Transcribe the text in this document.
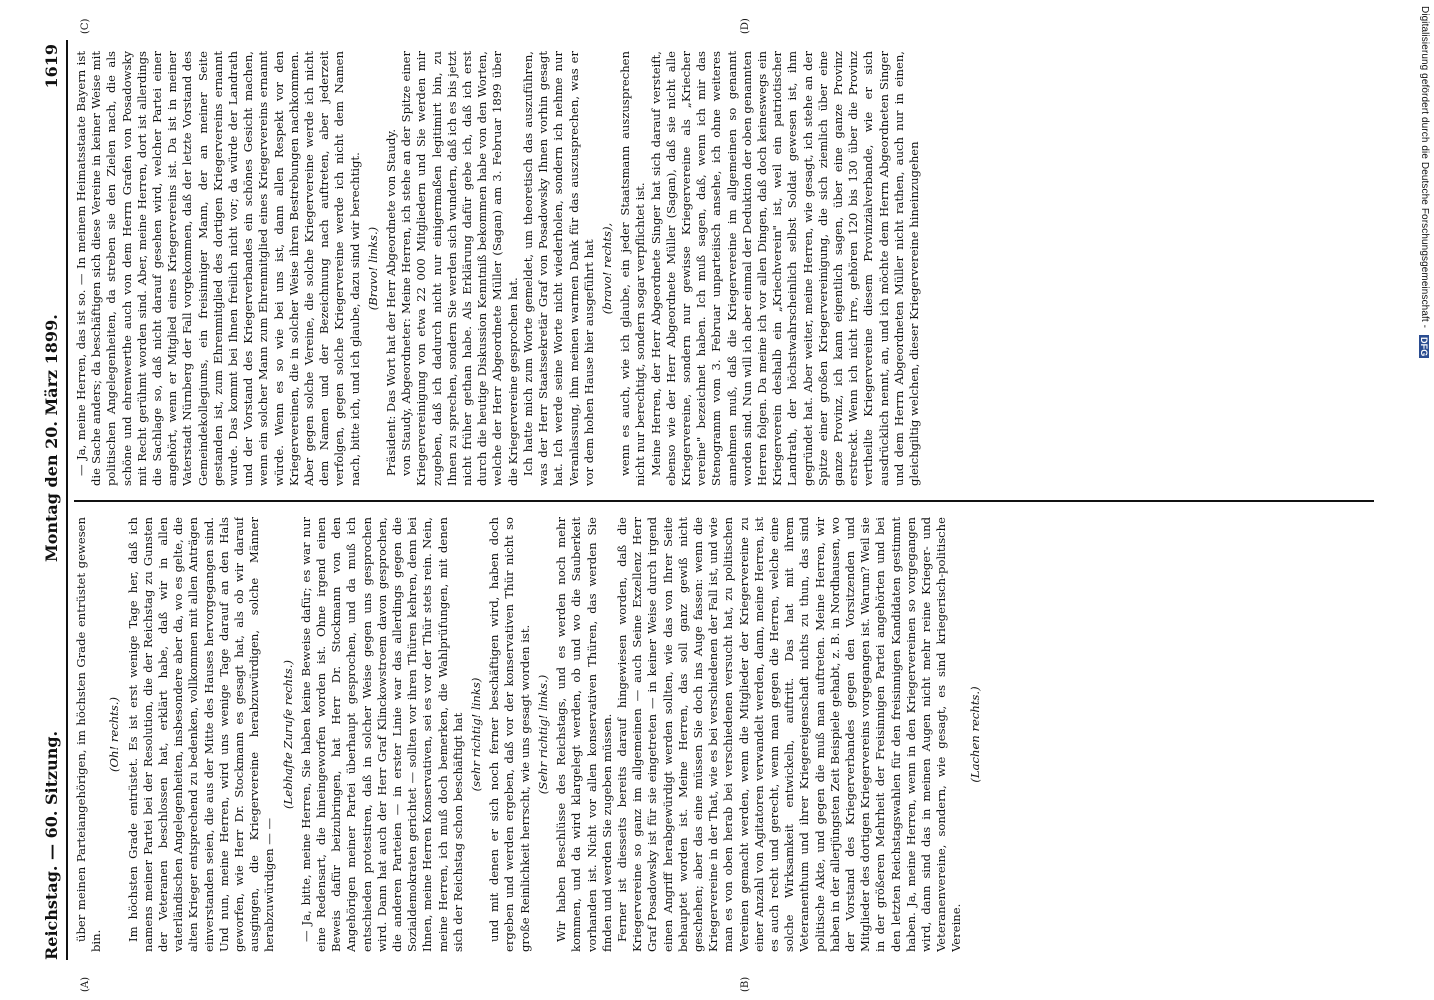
Reichstag. — 60. Sitzung.
Montag den 20. März 1899.
1619
(A)	(B)
(C)	(D)

über meinen Parteiangehörigen, im höchsten Grade entrüstet gewesen bin.

(Oh! rechts.) Im höchsten Grade entrüstet. Es ist erst wenige Tage her, daß ich namens meiner Partei bei der Resolution, die der Reichstag zu Gunsten der Veteranen beschlossen hat, erklärt habe, daß wir in allen vaterländischen Angelegenheiten, insbesondere aber da, wo es gelte, die alten Krieger entsprechend zu bedenken, vollkommen mit allen Anträgen einverstanden seien, die aus der Mitte des Hauses hervorgegangen sind. Und nun, meine Herren, wird uns wenige Tage darauf an den Hals geworfen, wie Herr Dr. Stockmann es gesagt hat, als ob wir darauf ausgingen, die Kriegervereine herabzuwürdigen, solche Männer herabzuwürdigen — —

(Lebhafte Zurufe rechts.) — Ja, bitte, meine Herren, Sie haben keine Beweise dafür; es war nur eine Redensart, die hineingeworfen worden ist. Ohne irgend einen Beweis dafür beizubringen, hat Herr Dr. Stockmann von den Angehörigen meiner Partei überhaupt gesprochen, und da muß ich entschieden protestiren, daß in solcher Weise gegen uns gesprochen wird. Dann hat auch der Herr Graf Klinckowstroem davon gesprochen, die anderen Parteien — in erster Linie war das allerdings gegen die Sozialdemokraten gerichtet — sollten vor ihren Thüren kehren, denn bei Ihnen, meine Herren Konservativen, sei es vor der Thür stets rein. Nein, meine Herren, ich muß doch bemerken, die Wahlprüfungen, mit denen sich der Reichstag schon beschäftigt hat (sehr richtig! links) und mit denen er sich noch ferner beschäftigen wird, haben doch ergeben und werden ergeben, daß vor der konservativen Thür nicht so große Reinlichkeit herrscht, wie uns gesagt worden ist. (Sehr richtig! links.) Wir haben Beschlüsse des Reichstags, und es werden noch mehr kommen, und da wird klargelegt werden, ob und wo die Sauberkeit vorhanden ist. Nicht vor allen konservativen Thüren, das werden Sie finden und werden Sie zugeben müssen. Ferner ist diesseits bereits darauf hingewiesen worden, daß die Kriegervereine so ganz im allgemeinen — auch Seine Exzellenz Herr Graf Posadowsky ist für sie eingetreten — in keiner Weise durch irgend einen Angriff herabgewürdigt werden sollten, wie das von Ihrer Seite behauptet worden ist. Meine Herren, das soll ganz gewiß nicht geschehen; aber das eine müssen Sie doch ins Auge fassen: wenn die Kriegervereine in der That, wie es bei verschiedenen der Fall ist, und wie man es von oben herab bei verschiedenen versucht hat, zu politischen Vereinen gemacht werden, wenn die Mitglieder der Kriegervereine zu einer Anzahl von Agitatoren verwandelt werden, dann, meine Herren, ist es auch recht und gerecht, wenn man gegen die Herren, welche eine solche Wirksamkeit entwickeln, auftritt. Das hat mit ihrem Veteranenthum und ihrer Kriegereigenschaft nichts zu thun, das sind politische Akte, und gegen die muß man auftreten. Meine Herren, wir haben in der allerjüngsten Zeit Beispiele gehabt, z. B. in Nordhausen, wo der Vorstand des Kriegerverbandes gegen den Vorsitzenden und Mitglieder des dortigen Kriegervereins vorgegangen ist. Warum? Weil sie in der größeren Mehrheit der Freisinnigen Partei angehörten und bei den letzten Reichstagswahlen für den freisinnigen Kandidaten gestimmt haben. Ja, meine Herren, wenn in den Kriegervereinen so vorgegangen wird, dann sind das in meinen Augen nicht mehr reine Krieger- und Veteranenvereine, sondern, wie gesagt, es sind kriegerisch-politische Vereine.

(Lachen rechts.)

— Ja, meine Herren, das ist so. — In meinem Heimatsstaate Bayern ist die Sache anders; da beschäftigen sich diese Vereine in keiner Weise mit politischen Angelegenheiten, da streben sie den Zielen nach, die als schöne und ehrenwerthe auch von dem Herrn Grafen von Posadowsky mit Recht gerühmt worden sind. Aber, meine Herren, dort ist allerdings die Sachlage so, daß nicht darauf gesehen wird, welcher Partei einer angehört, wenn er Mitglied eines Kriegervereins ist. Da ist in meiner Vaterstadt Nürnberg der Fall vorgekommen, daß der letzte Vorstand des Gemeindekollegiums, ein freisinniger Mann, der an meiner Seite gestanden ist, zum Ehrenmitglied des dortigen Kriegervereins ernannt wurde. Das kommt bei Ihnen freilich nicht vor; da würde der Landrath und der Vorstand des Kriegerverbandes ein schönes Gesicht machen, wenn ein solcher Mann zum Ehrenmitglied eines Kriegervereins ernannt würde. Wenn es so wie bei uns ist, dann allen Respekt vor den Kriegervereinen, die in solcher Weise ihren Bestrebungen nachkommen. Aber gegen solche Vereine, die solche Kriegervereine werde ich nicht dem Namen und der Bezeichnung nach auftreten, aber jederzeit verfolgen, gegen solche Kriegervereine werde ich nicht dem Namen nach, bitte ich, und ich glaube, dazu sind wir berechtigt. (Bravo! links.) Präsident: Das Wort hat der Herr Abgeordnete von Staudy. von Staudy, Abgeordneter: Meine Herren, ich stehe an der Spitze einer Kriegervereinigung von etwa 22 000 Mitgliedern und Sie werden mir zugeben, daß ich dadurch nicht nur einigermaßen legitimirt bin, zu Ihnen zu sprechen, sondern Sie werden sich wundern, daß ich es bis jetzt nicht früher gethan habe. Als Erklärung dafür gebe ich, daß ich erst durch die heutige Diskussion Kenntniß bekommen habe von den Worten, welche der Herr Abgeordnete Müller (Sagan) am 3. Februar 1899 über die Kriegervereine gesprochen hat. Ich hatte mich zum Worte gemeldet, um theoretisch das auszuführen, was der Herr Staatssekretär Graf von Posadowsky Ihnen vorhin gesagt hat. Ich werde seine Worte nicht wiederholen, sondern ich nehme nur Veranlassung, ihm meinen warmen Dank für das auszusprechen, was er vor dem hohen Hause hier ausgeführt hat (bravo! rechts), wenn es auch, wie ich glaube, ein jeder Staatsmann auszusprechen nicht nur berechtigt, sondern sogar verpflichtet ist. Meine Herren, der Herr Abgeordnete Singer hat sich darauf versteift, ebenso wie der Herr Abgeordnete Müller (Sagan), daß sie nicht alle Kriegervereine, sondern nur gewisse Kriegervereine als „Kriecher vereine" bezeichnet haben. Ich muß sagen, daß, wenn ich mir das Stenogramm vom 3. Februar unparteiisch ansehe, ich ohne weiteres annehmen muß, daß die Kriegervereine im allgemeinen so genannt worden sind. Nun will ich aber einmal der Deduktion der oben genannten Herren folgen. Da meine ich vor allen Dingen, daß doch keineswegs ein Kriegerverein deshalb ein „Kriechverein" ist, weil ein patriotischer Landrath, der höchstwahrscheinlich selbst Soldat gewesen ist, ihm gegründet hat. Aber weiter, meine Herren, wie gesagt, ich stehe an der Spitze einer großen Kriegervereinigung, die sich ziemlich über eine ganze Provinz, ich kann eigentlich sagen, über eine ganze Provinz erstreckt. Wenn ich nicht irre, gehören 120 bis 130 über die Provinz vertheilte Kriegervereine diesem Provinzialverbande, wie er sich ausdrücklich nennt, an, und ich möchte dem Herrn Abgeordneten Singer und dem Herrn Abgeordneten Müller nicht rathen, auch nur in einen, gleichgiltig welchen, dieser Kriegervereine hineinzugehen	Digitalisierung gefördert durch die Deutsche Forschungsgemeinschaft - DFG
